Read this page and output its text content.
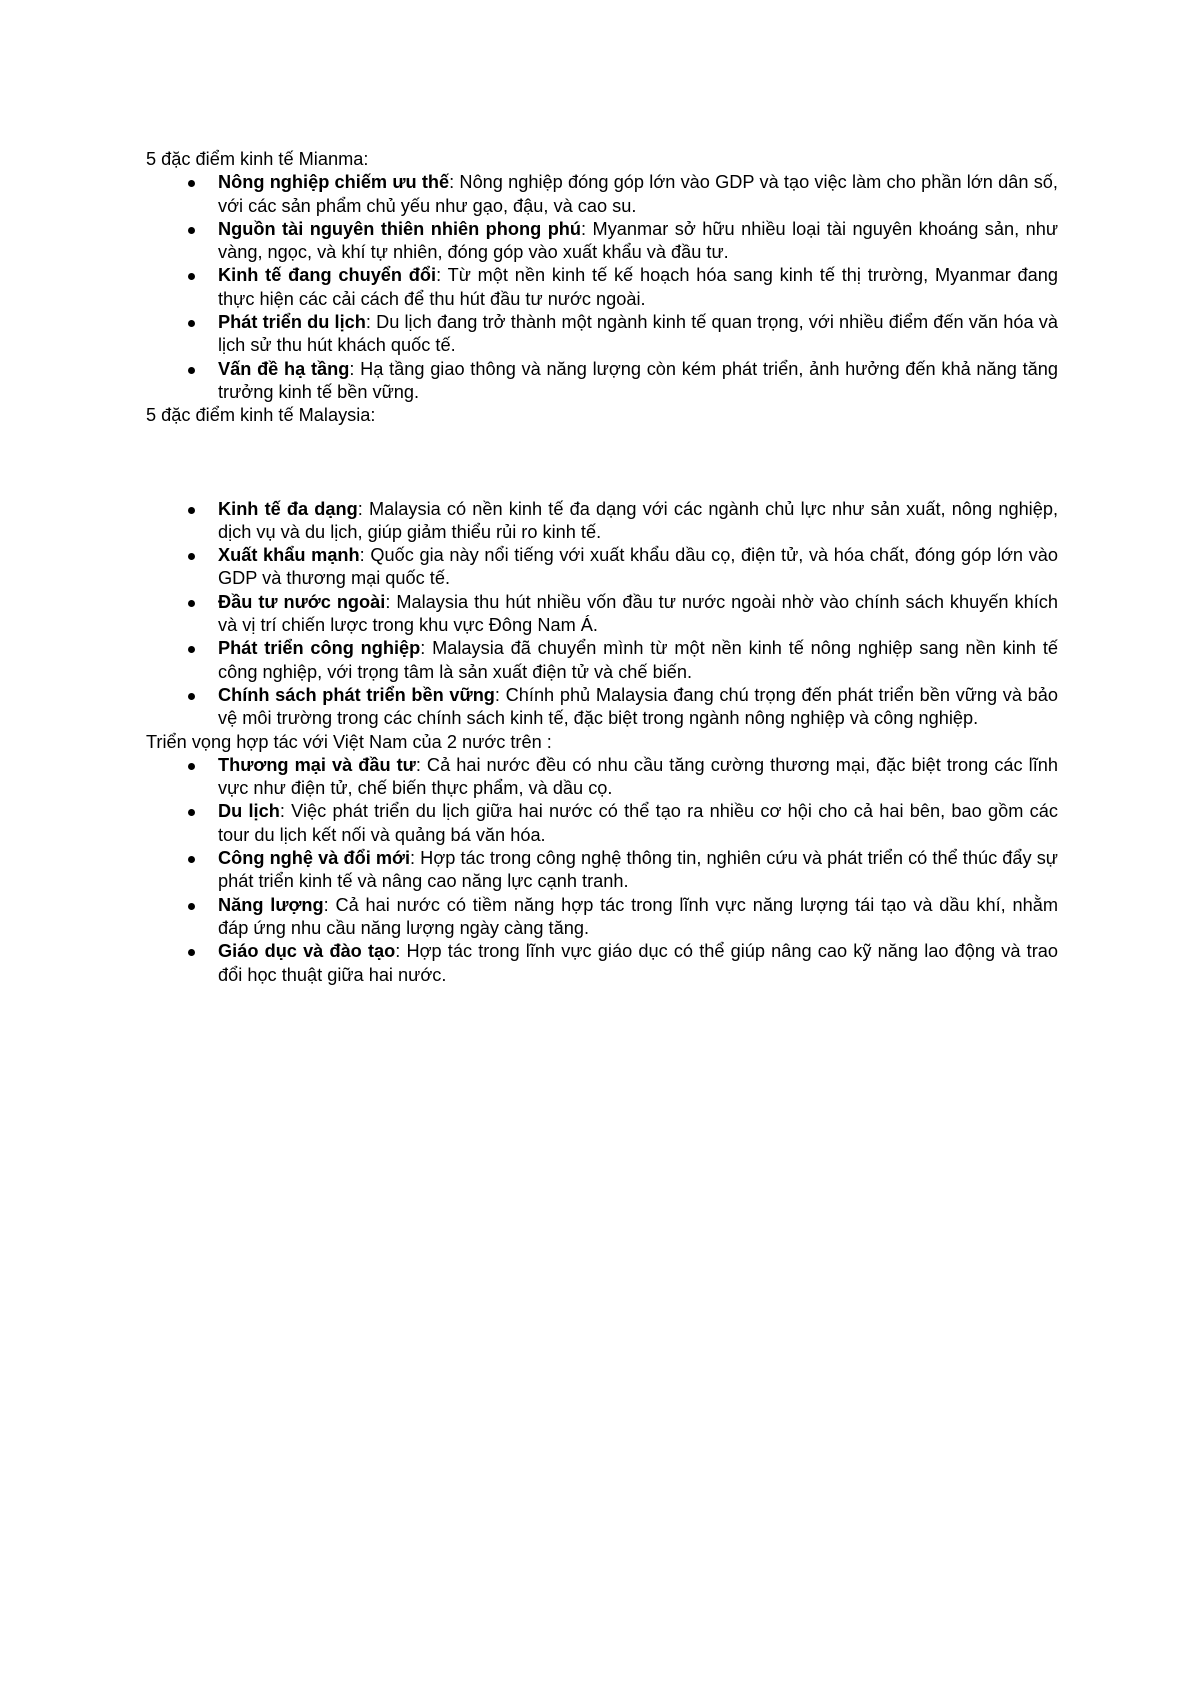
5 đặc điểm kinh tế Mianma:

Nông nghiệp chiếm ưu thế: Nông nghiệp đóng góp lớn vào GDP và tạo việc làm cho phần lớn dân số, với các sản phẩm chủ yếu như gạo, đậu, và cao su.
Nguồn tài nguyên thiên nhiên phong phú: Myanmar sở hữu nhiều loại tài nguyên khoáng sản, như vàng, ngọc, và khí tự nhiên, đóng góp vào xuất khẩu và đầu tư.
Kinh tế đang chuyển đổi: Từ một nền kinh tế kế hoạch hóa sang kinh tế thị trường, Myanmar đang thực hiện các cải cách để thu hút đầu tư nước ngoài.
Phát triển du lịch: Du lịch đang trở thành một ngành kinh tế quan trọng, với nhiều điểm đến văn hóa và lịch sử thu hút khách quốc tế.
Vấn đề hạ tầng: Hạ tầng giao thông và năng lượng còn kém phát triển, ảnh hưởng đến khả năng tăng trưởng kinh tế bền vững.

5 đặc điểm kinh tế Malaysia:

Kinh tế đa dạng: Malaysia có nền kinh tế đa dạng với các ngành chủ lực như sản xuất, nông nghiệp, dịch vụ và du lịch, giúp giảm thiểu rủi ro kinh tế.
Xuất khẩu mạnh: Quốc gia này nổi tiếng với xuất khẩu dầu cọ, điện tử, và hóa chất, đóng góp lớn vào GDP và thương mại quốc tế.
Đầu tư nước ngoài: Malaysia thu hút nhiều vốn đầu tư nước ngoài nhờ vào chính sách khuyến khích và vị trí chiến lược trong khu vực Đông Nam Á.
Phát triển công nghiệp: Malaysia đã chuyển mình từ một nền kinh tế nông nghiệp sang nền kinh tế công nghiệp, với trọng tâm là sản xuất điện tử và chế biến.
Chính sách phát triển bền vững: Chính phủ Malaysia đang chú trọng đến phát triển bền vững và bảo vệ môi trường trong các chính sách kinh tế, đặc biệt trong ngành nông nghiệp và công nghiệp.

Triển vọng hợp tác với Việt Nam của 2 nước trên :

Thương mại và đầu tư: Cả hai nước đều có nhu cầu tăng cường thương mại, đặc biệt trong các lĩnh vực như điện tử, chế biến thực phẩm, và dầu cọ.
Du lịch: Việc phát triển du lịch giữa hai nước có thể tạo ra nhiều cơ hội cho cả hai bên, bao gồm các tour du lịch kết nối và quảng bá văn hóa.
Công nghệ và đổi mới: Hợp tác trong công nghệ thông tin, nghiên cứu và phát triển có thể thúc đẩy sự phát triển kinh tế và nâng cao năng lực cạnh tranh.
Năng lượng: Cả hai nước có tiềm năng hợp tác trong lĩnh vực năng lượng tái tạo và dầu khí, nhằm đáp ứng nhu cầu năng lượng ngày càng tăng.
Giáo dục và đào tạo: Hợp tác trong lĩnh vực giáo dục có thể giúp nâng cao kỹ năng lao động và trao đổi học thuật giữa hai nước.
